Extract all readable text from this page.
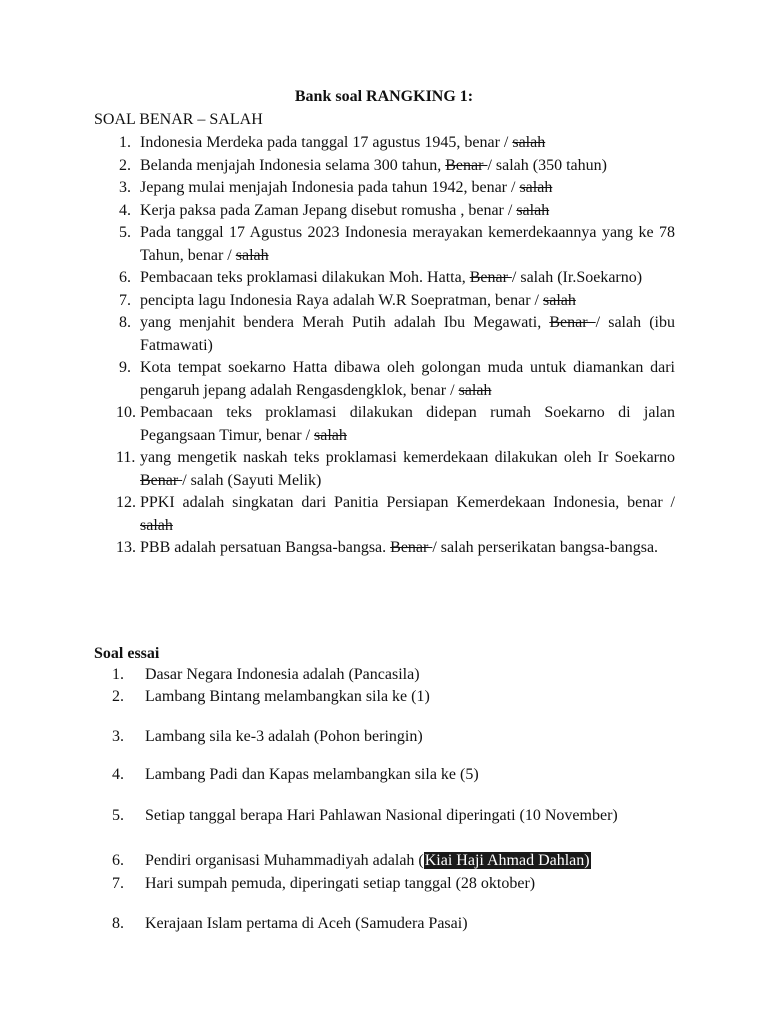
Bank soal RANGKING 1:
SOAL BENAR – SALAH
1. Indonesia Merdeka pada tanggal 17 agustus 1945, benar / salah
2. Belanda menjajah Indonesia selama 300 tahun, Benar / salah (350 tahun)
3. Jepang mulai menjajah Indonesia pada tahun 1942, benar / salah
4. Kerja paksa pada Zaman Jepang disebut romusha , benar / salah
5. Pada tanggal 17 Agustus 2023 Indonesia merayakan kemerdekaannya yang ke 78 Tahun, benar / salah
6. Pembacaan teks proklamasi dilakukan Moh. Hatta, Benar / salah (Ir.Soekarno)
7. pencipta lagu Indonesia Raya adalah W.R Soepratman, benar / salah
8. yang menjahit bendera Merah Putih adalah Ibu Megawati, Benar / salah (ibu Fatmawati)
9. Kota tempat soekarno Hatta dibawa oleh golongan muda untuk diamankan dari pengaruh jepang adalah Rengasdengklok, benar / salah
10. Pembacaan teks proklamasi dilakukan didepan rumah Soekarno di jalan Pegangsaan Timur, benar / salah
11. yang mengetik naskah teks proklamasi kemerdekaan dilakukan oleh Ir Soekarno Benar / salah (Sayuti Melik)
12. PPKI adalah singkatan dari Panitia Persiapan Kemerdekaan Indonesia, benar / salah
13. PBB adalah persatuan Bangsa-bangsa. Benar / salah perserikatan bangsa-bangsa.
Soal essai
1. Dasar Negara Indonesia adalah (Pancasila)
2. Lambang Bintang melambangkan sila ke (1)
3. Lambang sila ke-3 adalah (Pohon beringin)
4. Lambang Padi dan Kapas melambangkan sila ke (5)
5. Setiap tanggal berapa Hari Pahlawan Nasional diperingati (10 November)
6. Pendiri organisasi Muhammadiyah adalah (Kiai Haji Ahmad Dahlan)
7. Hari sumpah pemuda, diperingati setiap tanggal (28 oktober)
8. Kerajaan Islam pertama di Aceh (Samudera Pasai)
